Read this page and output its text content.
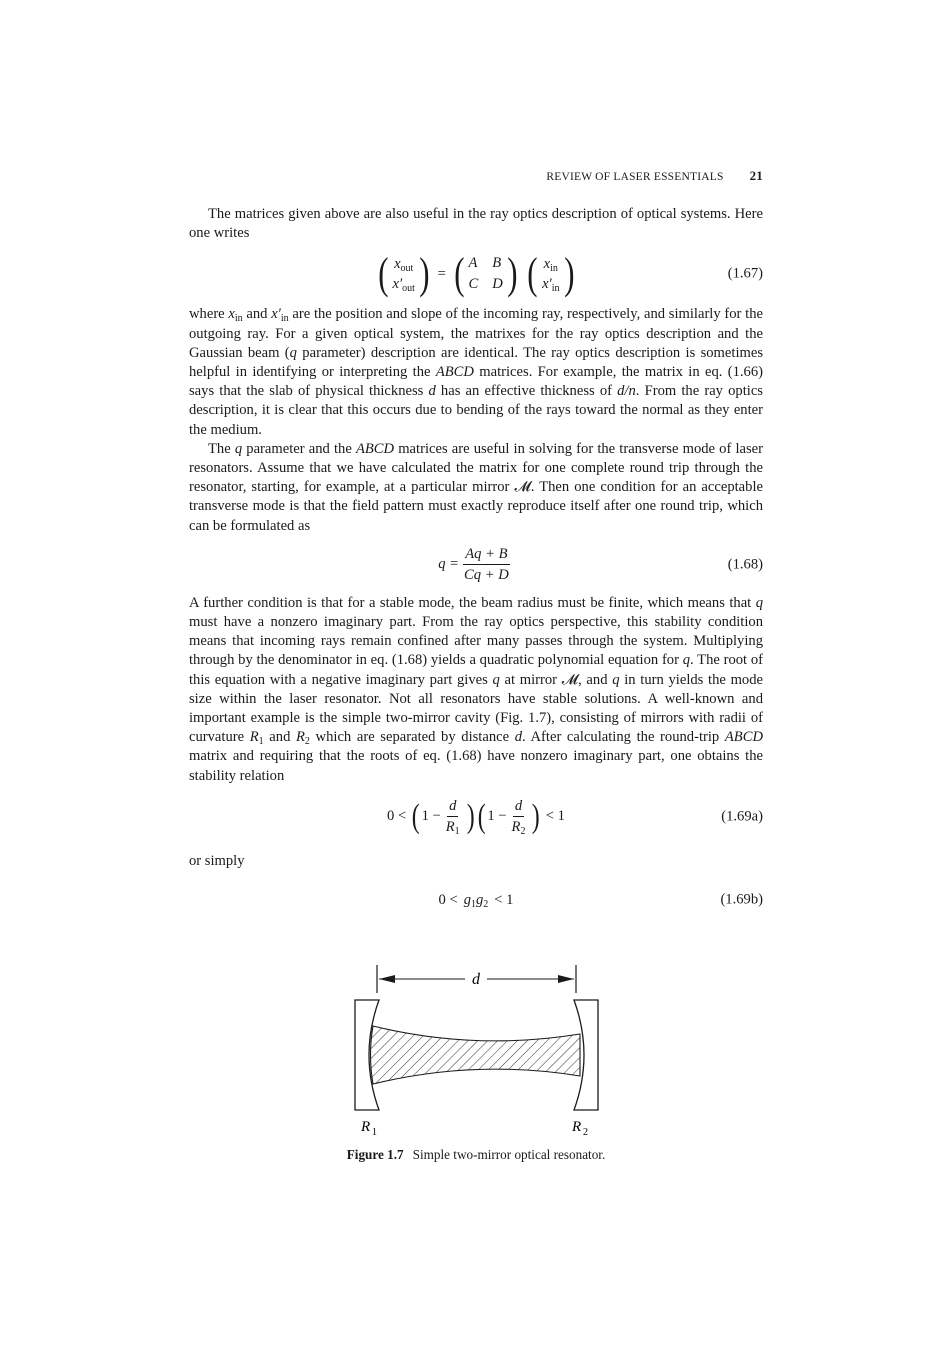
REVIEW OF LASER ESSENTIALS 21

The matrices given above are also useful in the ray optics description of optical systems. Here one writes

( $x_{out}$
$x'_{out}$ ) = ( A B
C D ) ( $x_{in}$
$x'_{in}$ )	(1.67)

where $x_{in}$ and $x'_{in}$ are the position and slope of the incoming ray, respectively, and similarly for the outgoing ray. For a given optical system, the matrixes for the ray optics description and the Gaussian beam (q parameter) description are identical. The ray optics description is sometimes helpful in identifying or interpreting the ABCD matrices. For example, the matrix in eq. (1.66) says that the slab of physical thickness d has an effective thickness of d/n. From the ray optics description, it is clear that this occurs due to bending of the rays toward the normal as they enter the medium.

The q parameter and the ABCD matrices are useful in solving for the transverse mode of laser resonators. Assume that we have calculated the matrix for one complete round trip through the resonator, starting, for example, at a particular mirror 𝓜. Then one condition for an acceptable transverse mode is that the field pattern must exactly reproduce itself after one round trip, which can be formulated as

$q = \frac{Aq + B}{Cq + D}$	(1.68)

A further condition is that for a stable mode, the beam radius must be finite, which means that q must have a nonzero imaginary part. From the ray optics perspective, this stability condition means that incoming rays remain confined after many passes through the system. Multiplying through by the denominator in eq. (1.68) yields a quadratic polynomial equation for q. The root of this equation with a negative imaginary part gives q at mirror 𝓜, and q in turn yields the mode size within the laser resonator. Not all resonators have stable solutions. A well-known and important example is the simple two-mirror cavity (Fig. 1.7), consisting of mirrors with radii of curvature $R_1$ and $R_2$ which are separated by distance d. After calculating the round-trip ABCD matrix and requiring that the roots of eq. (1.68) have nonzero imaginary part, one obtains the stability relation

0 < ( $1 - \frac{d}{R_1}$ ) ( $1 - \frac{d}{R_2}$ ) < 1	(1.69a)

or simply

$0 < g_1g_2 < 1$	(1.69b)
d
R 1	R 2
Figure 1.7 Simple two-mirror optical resonator.
